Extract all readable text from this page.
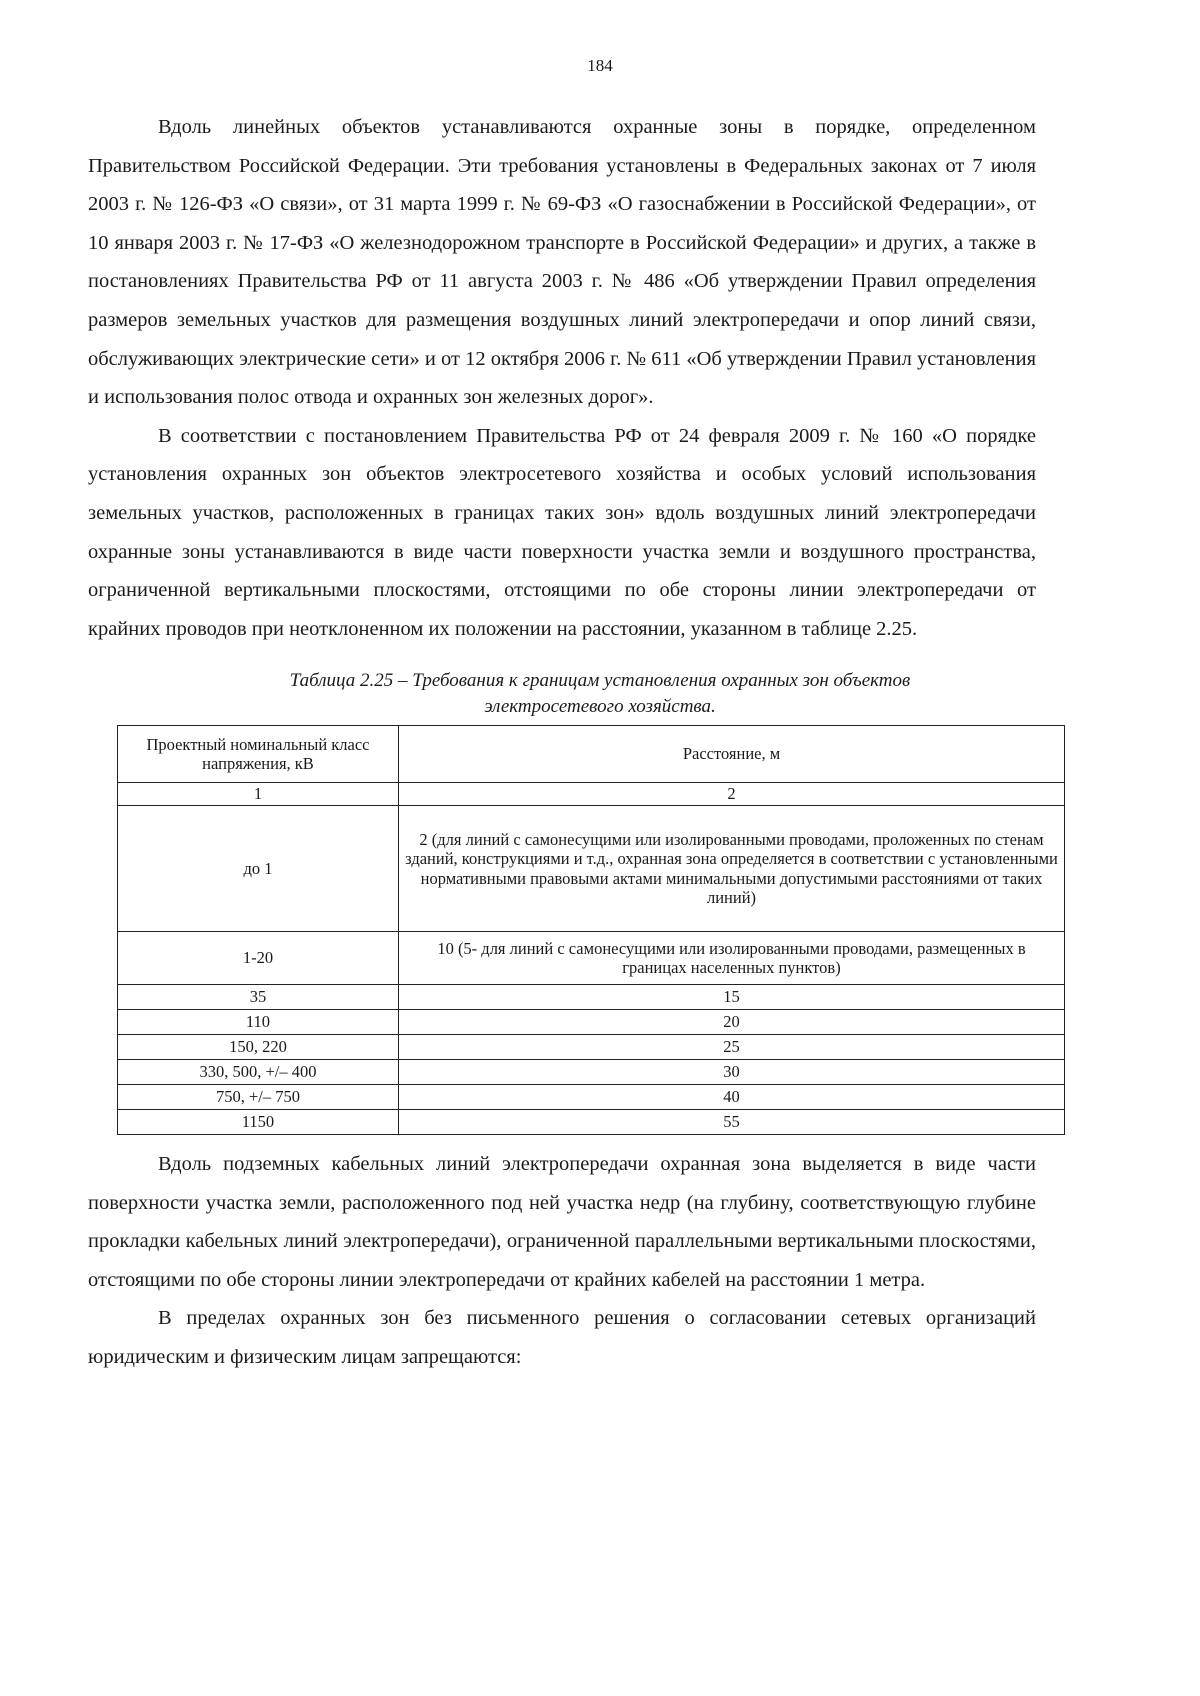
184

Вдоль линейных объектов устанавливаются охранные зоны в порядке, определенном Правительством Российской Федерации. Эти требования установлены в Федеральных законах от 7 июля 2003 г. № 126-ФЗ «О связи», от 31 марта 1999 г. № 69-ФЗ «О газоснабжении в Российской Федерации», от 10 января 2003 г. № 17-ФЗ «О железнодорожном транспорте в Российской Федерации» и других, а также в постановлениях Правительства РФ от 11 августа 2003 г. № 486 «Об утверждении Правил определения размеров земельных участков для размещения воздушных линий электропередачи и опор линий связи, обслуживающих электрические сети» и от 12 октября 2006 г. № 611 «Об утверждении Правил установления и использования полос отвода и охранных зон железных дорог».

В соответствии с постановлением Правительства РФ от 24 февраля 2009 г. № 160 «О порядке установления охранных зон объектов электросетевого хозяйства и особых условий использования земельных участков, расположенных в границах таких зон» вдоль воздушных линий электропередачи охранные зоны устанавливаются в виде части поверхности участка земли и воздушного пространства, ограниченной вертикальными плоскостями, отстоящими по обе стороны линии электропередачи от крайних проводов при неотклоненном их положении на расстоянии, указанном в таблице 2.25.

Таблица 2.25 – Требования к границам установления охранных зон объектов
электросетевого хозяйства.
Проектный номинальный класс напряжения, кВ	Расстояние, м
1	2
до 1	2 (для линий с самонесущими или изолированными проводами, проложенных по стенам зданий, конструкциями и т.д., охранная зона определяется в соответствии с установленными нормативными правовыми актами минимальными допустимыми расстояниями от таких линий)
1-20	10 (5- для линий с самонесущими или изолированными проводами, размещенных в границах населенных пунктов)
35	15
110	20
150, 220	25
330, 500, +/– 400	30
750, +/– 750	40
1150	55

Вдоль подземных кабельных линий электропередачи охранная зона выделяется в виде части поверхности участка земли, расположенного под ней участка недр (на глубину, соответствующую глубине прокладки кабельных линий электропередачи), ограниченной параллельными вертикальными плоскостями, отстоящими по обе стороны линии электропередачи от крайних кабелей на расстоянии 1 метра.

В пределах охранных зон без письменного решения о согласовании сетевых организаций юридическим и физическим лицам запрещаются:
